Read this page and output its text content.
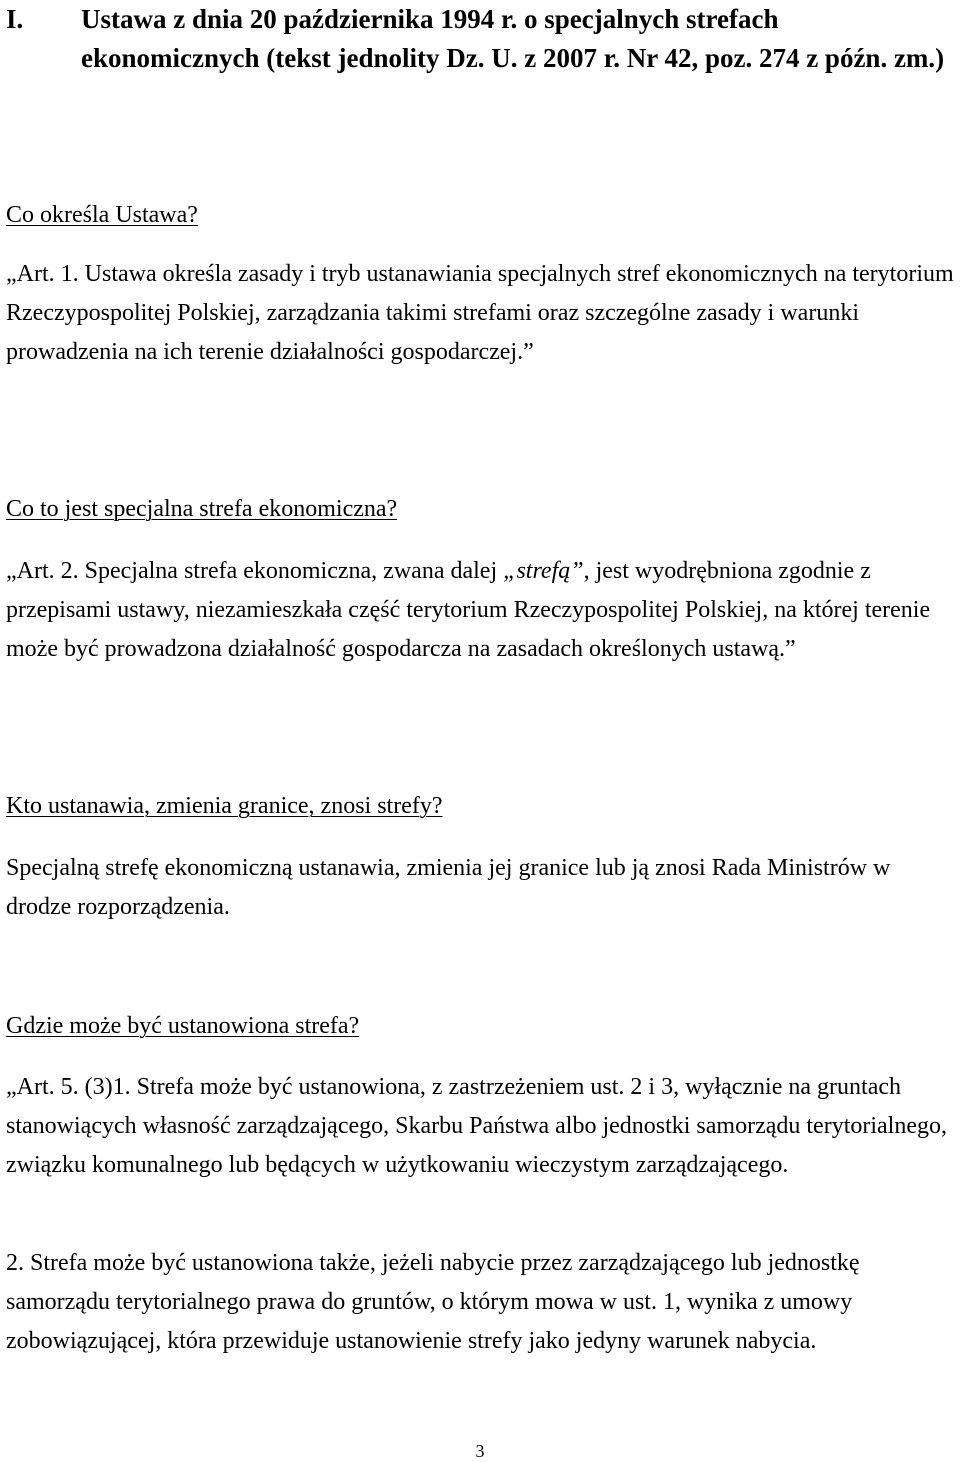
I. Ustawa z dnia 20 października 1994 r. o specjalnych strefach ekonomicznych (tekst jednolity Dz. U. z 2007 r. Nr 42, poz. 274 z późn. zm.)
Co określa Ustawa?

„Art. 1. Ustawa określa zasady i tryb ustanawiania specjalnych stref ekonomicznych na terytorium Rzeczypospolitej Polskiej, zarządzania takimi strefami oraz szczególne zasady i warunki prowadzenia na ich terenie działalności gospodarczej.”

Co to jest specjalna strefa ekonomiczna?

„Art. 2. Specjalna strefa ekonomiczna, zwana dalej „strefą”, jest wyodrębniona zgodnie z przepisami ustawy, niezamieszkała część terytorium Rzeczypospolitej Polskiej, na której terenie może być prowadzona działalność gospodarcza na zasadach określonych ustawą.”

Kto ustanawia, zmienia granice, znosi strefy?

Specjalną strefę ekonomiczną ustanawia, zmienia jej granice lub ją znosi Rada Ministrów w drodze rozporządzenia.

Gdzie może być ustanowiona strefa?

„Art. 5. (3)1. Strefa może być ustanowiona, z zastrzeżeniem ust. 2 i 3, wyłącznie na gruntach stanowiących własność zarządzającego, Skarbu Państwa albo jednostki samorządu terytorialnego, związku komunalnego lub będących w użytkowaniu wieczystym zarządzającego.

2. Strefa może być ustanowiona także, jeżeli nabycie przez zarządzającego lub jednostkę samorządu terytorialnego prawa do gruntów, o którym mowa w ust. 1, wynika z umowy zobowiązującej, która przewiduje ustanowienie strefy jako jedyny warunek nabycia.

3
